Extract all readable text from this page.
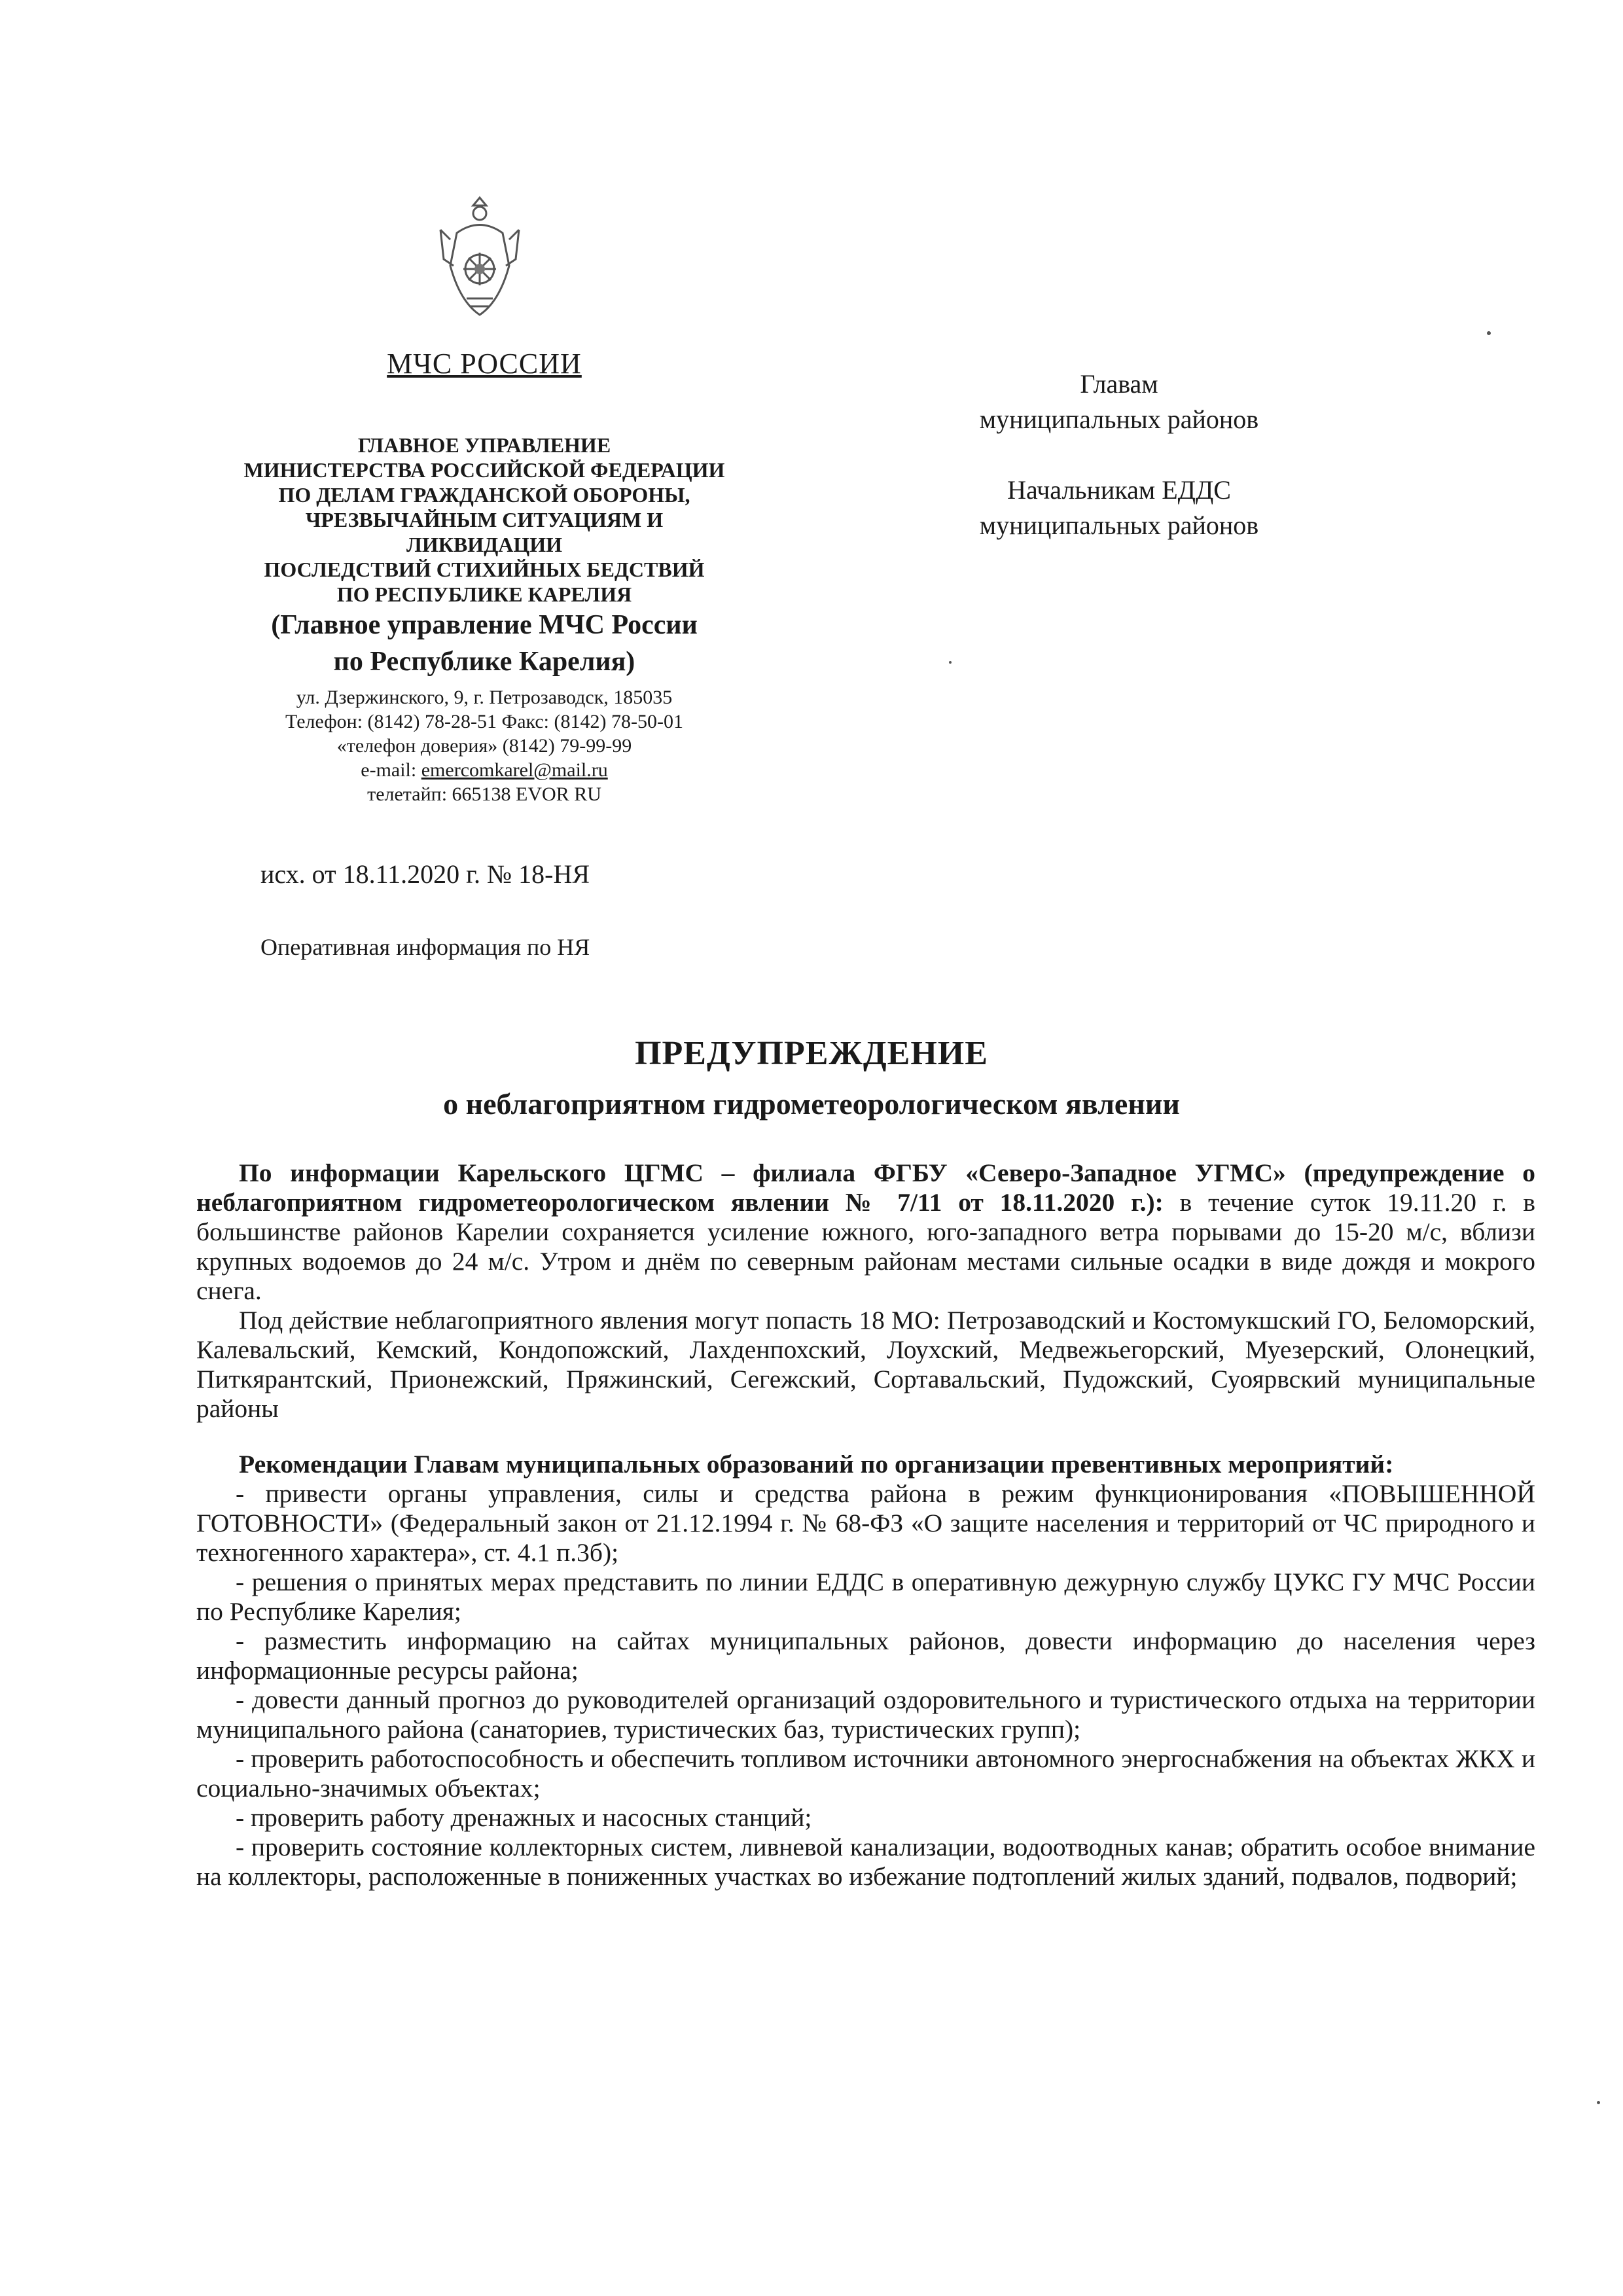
МЧС РОССИИ
ГЛАВНОЕ УПРАВЛЕНИЕ
МИНИСТЕРСТВА РОССИЙСКОЙ ФЕДЕРАЦИИ
ПО ДЕЛАМ ГРАЖДАНСКОЙ ОБОРОНЫ,
ЧРЕЗВЫЧАЙНЫМ СИТУАЦИЯМ И
ЛИКВИДАЦИИ
ПОСЛЕДСТВИЙ СТИХИЙНЫХ БЕДСТВИЙ
ПО РЕСПУБЛИКЕ КАРЕЛИЯ
(Главное управление МЧС России
по Республике Карелия)
ул. Дзержинского, 9, г. Петрозаводск, 185035
Телефон: (8142) 78-28-51 Факс: (8142) 78-50-01
«телефон доверия» (8142) 79-99-99
e-mail: emercomkarel@mail.ru
телетайп: 665138 EVOR RU
исх. от 18.11.2020 г. № 18-НЯ
Оперативная информация по НЯ
Главам
муниципальных районов
Начальникам ЕДДС
муниципальных районов
ПРЕДУПРЕЖДЕНИЕ
о неблагоприятном гидрометеорологическом явлении

По информации Карельского ЦГМС – филиала ФГБУ «Северо-Западное УГМС» (предупреждение о неблагоприятном гидрометеорологическом явлении № 7/11 от 18.11.2020 г.): в течение суток 19.11.20 г. в большинстве районов Карелии сохраняется усиление южного, юго-западного ветра порывами до 15-20 м/с, вблизи крупных водоемов до 24 м/с. Утром и днём по северным районам местами сильные осадки в виде дождя и мокрого снега.

Под действие неблагоприятного явления могут попасть 18 МО: Петрозаводский и Костомукшский ГО, Беломорский, Калевальский, Кемский, Кондопожский, Лахденпохский, Лоухский, Медвежьегорский, Муезерский, Олонецкий, Питкярантский, Прионежский, Пряжинский, Сегежский, Сортавальский, Пудожский, Суоярвский муниципальные районы

Рекомендации Главам муниципальных образований по организации превентивных мероприятий:

- привести органы управления, силы и средства района в режим функционирования «ПОВЫШЕННОЙ ГОТОВНОСТИ» (Федеральный закон от 21.12.1994 г. № 68-ФЗ «О защите населения и территорий от ЧС природного и техногенного характера», ст. 4.1 п.3б);

- решения о принятых мерах представить по линии ЕДДС в оперативную дежурную службу ЦУКС ГУ МЧС России по Республике Карелия;

- разместить информацию на сайтах муниципальных районов, довести информацию до населения через информационные ресурсы района;

- довести данный прогноз до руководителей организаций оздоровительного и туристического отдыха на территории муниципального района (санаториев, туристических баз, туристических групп);

- проверить работоспособность и обеспечить топливом источники автономного энергоснабжения на объектах ЖКХ и социально-значимых объектах;

- проверить работу дренажных и насосных станций;

- проверить состояние коллекторных систем, ливневой канализации, водоотводных канав; обратить особое внимание на коллекторы, расположенные в пониженных участках во избежание подтоплений жилых зданий, подвалов, подворий;
